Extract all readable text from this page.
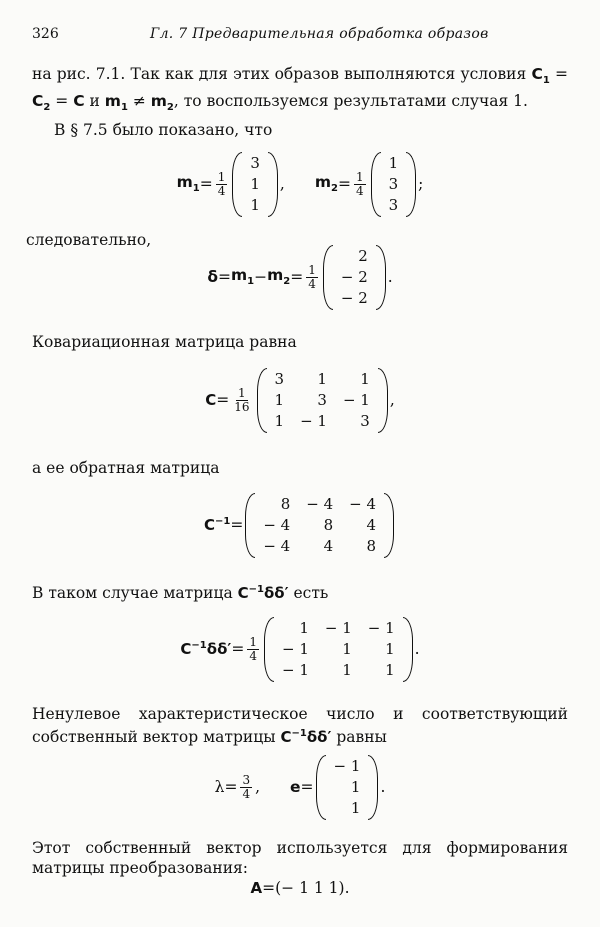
326	Гл. 7 Предварительная обработка образов

на рис. 7.1. Так как для этих образов выполняются условия $C_1 = C_2 = C$ и $m_1 \ne m_2$, то воспользуемся результатами случая 1.

В § 7.5 было показано, что

$m_1 = \frac{1}{4}$
3
1
1
, $m_2 = \frac{1}{4}$
1
3
3
;

следовательно,

$\delta = m_1 - m_2 = \frac{1}{4}$
2
− 2
− 2
.

Ковариационная матрица равна

$C = \frac{1}{16}$
3	1	1
1	3	− 1
1	− 1	3
,

а ее обратная матрица

$C^{-1}$ =
8	− 4	− 4
− 4	8	4
− 4	4	8

В таком случае матрица $C^{-1}\delta\delta'$ есть

$C^{-1}\delta\delta' = \frac{1}{4}$
1	− 1	− 1
− 1	1	1
− 1	1	1
.

Ненулевое характеристическое число и соответствующий собственный вектор матрицы $C^{-1}\delta\delta'$ равны

$\lambda = \frac{3}{4}$ , e =
− 1
1
1
.

Этот собственный вектор используется для формирования матрицы преобразования:

A = (− 1 1 1) .
